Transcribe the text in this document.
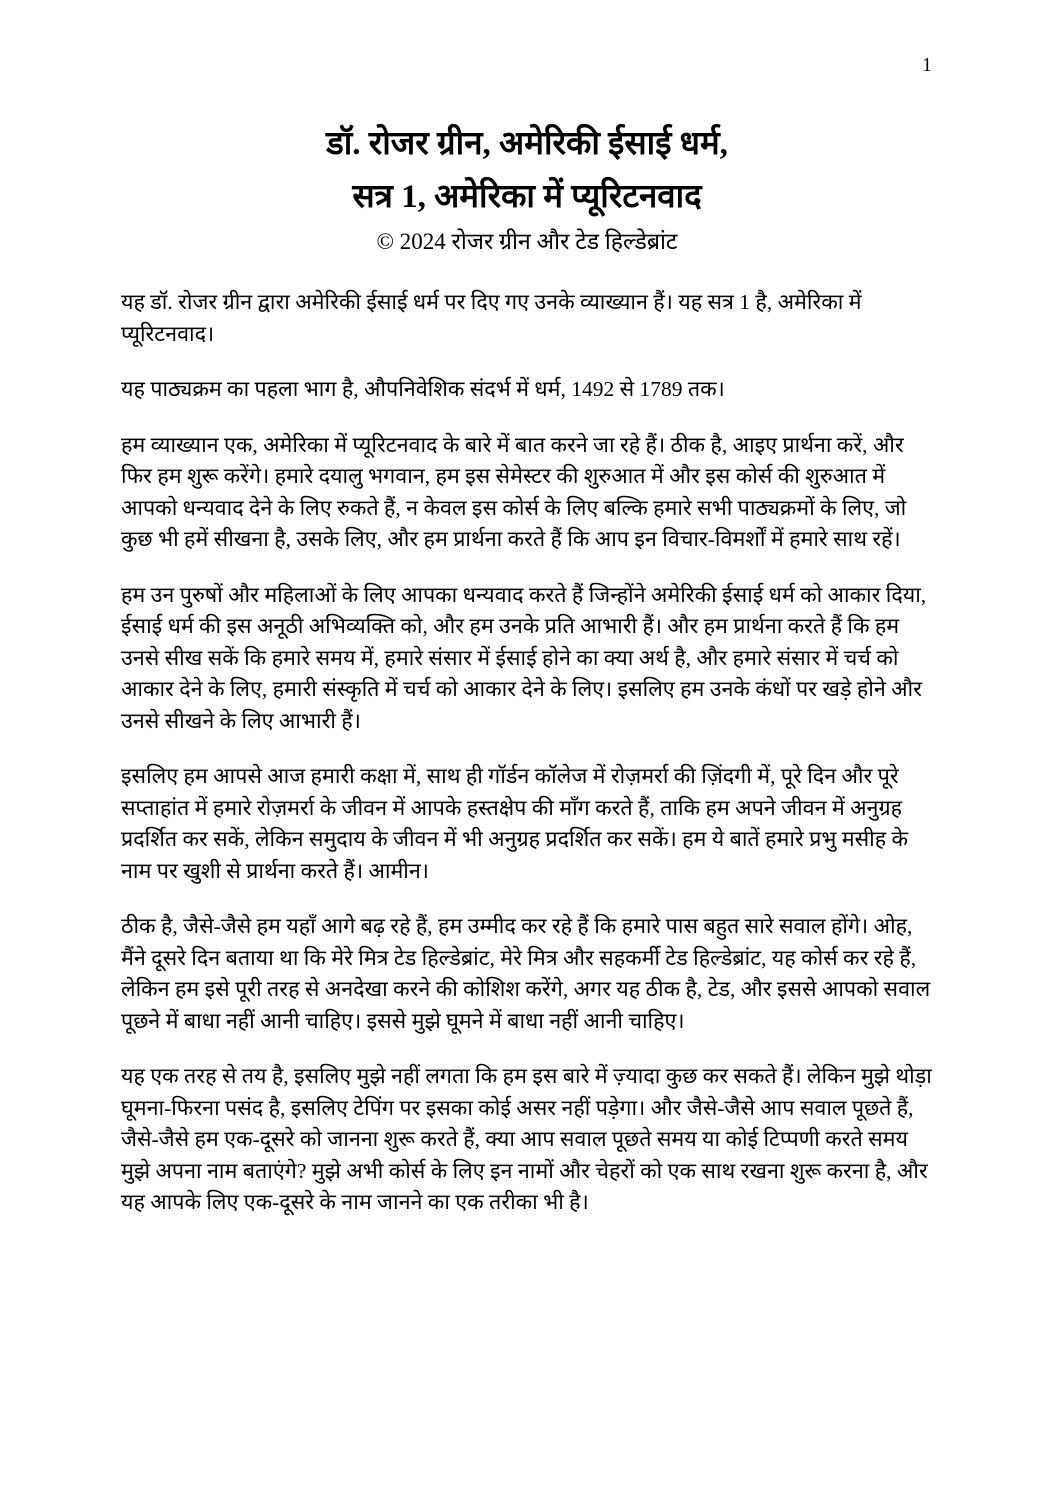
1
डॉ. रोजर ग्रीन, अमेरिकी ईसाई धर्म,
सत्र 1, अमेरिका में प्यूरिटनवाद
© 2024 रोजर ग्रीन और टेड हिल्डेब्रांट

यह डॉ. रोजर ग्रीन द्वारा अमेरिकी ईसाई धर्म पर दिए गए उनके व्याख्यान हैं। यह सत्र 1 है, अमेरिका में प्यूरिटनवाद।

यह पाठ्यक्रम का पहला भाग है, औपनिवेशिक संदर्भ में धर्म, 1492 से 1789 तक।

हम व्याख्यान एक, अमेरिका में प्यूरिटनवाद के बारे में बात करने जा रहे हैं। ठीक है, आइए प्रार्थना करें, और फिर हम शुरू करेंगे। हमारे दयालु भगवान, हम इस सेमेस्टर की शुरुआत में और इस कोर्स की शुरुआत में आपको धन्यवाद देने के लिए रुकते हैं, न केवल इस कोर्स के लिए बल्कि हमारे सभी पाठ्यक्रमों के लिए, जो कुछ भी हमें सीखना है, उसके लिए, और हम प्रार्थना करते हैं कि आप इन विचार-विमर्शों में हमारे साथ रहें।

हम उन पुरुषों और महिलाओं के लिए आपका धन्यवाद करते हैं जिन्होंने अमेरिकी ईसाई धर्म को आकार दिया, ईसाई धर्म की इस अनूठी अभिव्यक्ति को, और हम उनके प्रति आभारी हैं। और हम प्रार्थना करते हैं कि हम उनसे सीख सकें कि हमारे समय में, हमारे संसार में ईसाई होने का क्या अर्थ है, और हमारे संसार में चर्च को आकार देने के लिए, हमारी संस्कृति में चर्च को आकार देने के लिए। इसलिए हम उनके कंधों पर खड़े होने और उनसे सीखने के लिए आभारी हैं।

इसलिए हम आपसे आज हमारी कक्षा में, साथ ही गॉर्डन कॉलेज में रोज़मर्रा की ज़िंदगी में, पूरे दिन और पूरे सप्ताहांत में हमारे रोज़मर्रा के जीवन में आपके हस्तक्षेप की माँग करते हैं, ताकि हम अपने जीवन में अनुग्रह प्रदर्शित कर सकें, लेकिन समुदाय के जीवन में भी अनुग्रह प्रदर्शित कर सकें। हम ये बातें हमारे प्रभु मसीह के नाम पर खुशी से प्रार्थना करते हैं। आमीन।

ठीक है, जैसे-जैसे हम यहाँ आगे बढ़ रहे हैं, हम उम्मीद कर रहे हैं कि हमारे पास बहुत सारे सवाल होंगे। ओह, मैंने दूसरे दिन बताया था कि मेरे मित्र टेड हिल्डेब्रांट, मेरे मित्र और सहकर्मी टेड हिल्डेब्रांट, यह कोर्स कर रहे हैं, लेकिन हम इसे पूरी तरह से अनदेखा करने की कोशिश करेंगे, अगर यह ठीक है, टेड, और इससे आपको सवाल पूछने में बाधा नहीं आनी चाहिए। इससे मुझे घूमने में बाधा नहीं आनी चाहिए।

यह एक तरह से तय है, इसलिए मुझे नहीं लगता कि हम इस बारे में ज़्यादा कुछ कर सकते हैं। लेकिन मुझे थोड़ा घूमना-फिरना पसंद है, इसलिए टेपिंग पर इसका कोई असर नहीं पड़ेगा। और जैसे-जैसे आप सवाल पूछते हैं, जैसे-जैसे हम एक-दूसरे को जानना शुरू करते हैं, क्या आप सवाल पूछते समय या कोई टिप्पणी करते समय मुझे अपना नाम बताएंगे? मुझे अभी कोर्स के लिए इन नामों और चेहरों को एक साथ रखना शुरू करना है, और यह आपके लिए एक-दूसरे के नाम जानने का एक तरीका भी है।
